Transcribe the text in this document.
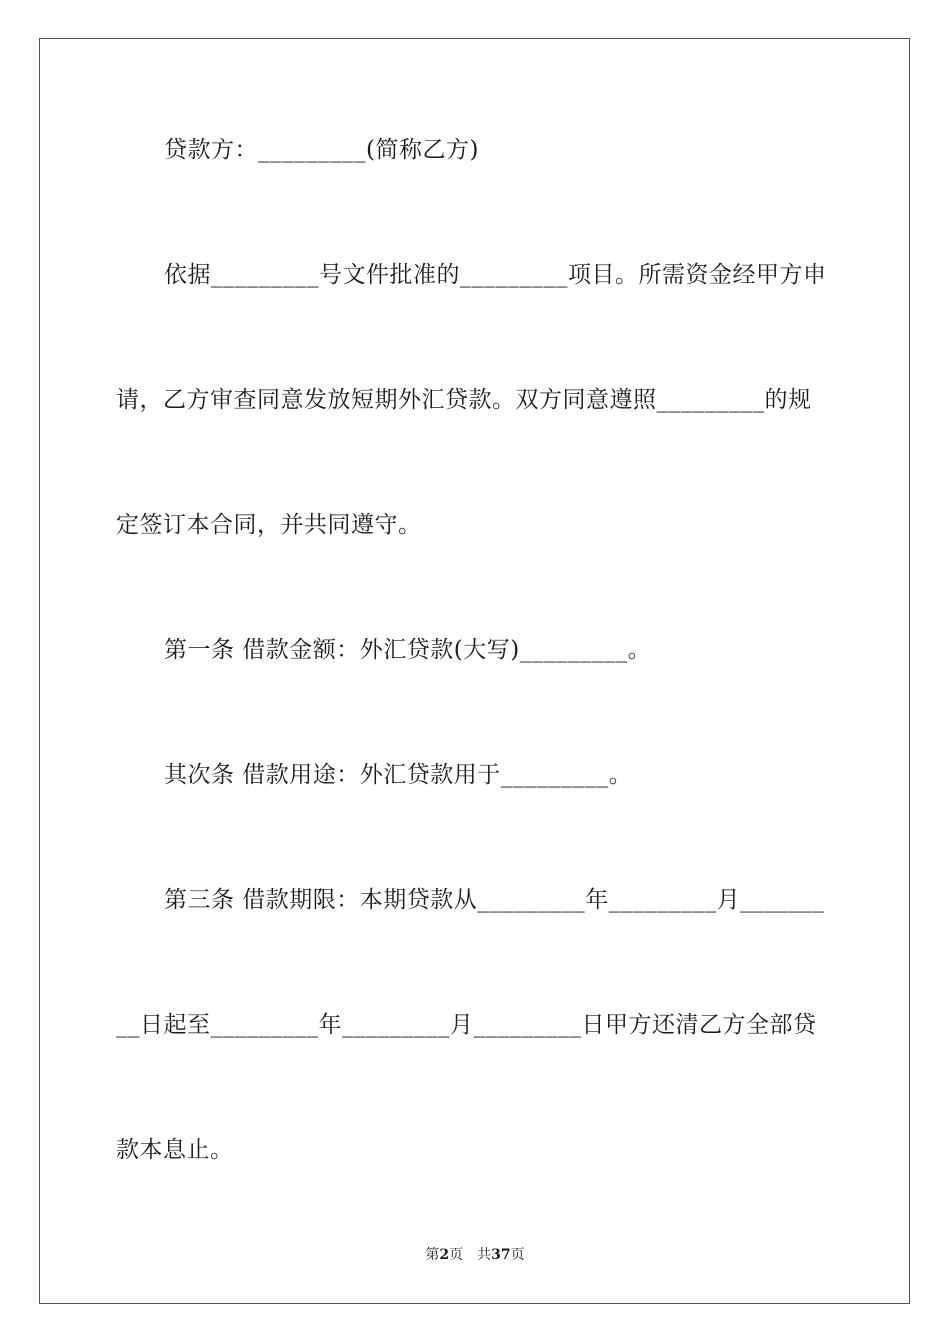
贷款方：_________(简称乙方)
依据_________号文件批准的_________项目。所需资金经甲方申
请，乙方审查同意发放短期外汇贷款。双方同意遵照_________的规
定签订本合同，并共同遵守。
第一条 借款金额：外汇贷款(大写)_________。
其次条 借款用途：外汇贷款用于_________。
第三条 借款期限：本期贷款从_________年_________月_______
__日起至_________年_________月_________日甲方还清乙方全部贷
款本息止。
第2页 共37页
